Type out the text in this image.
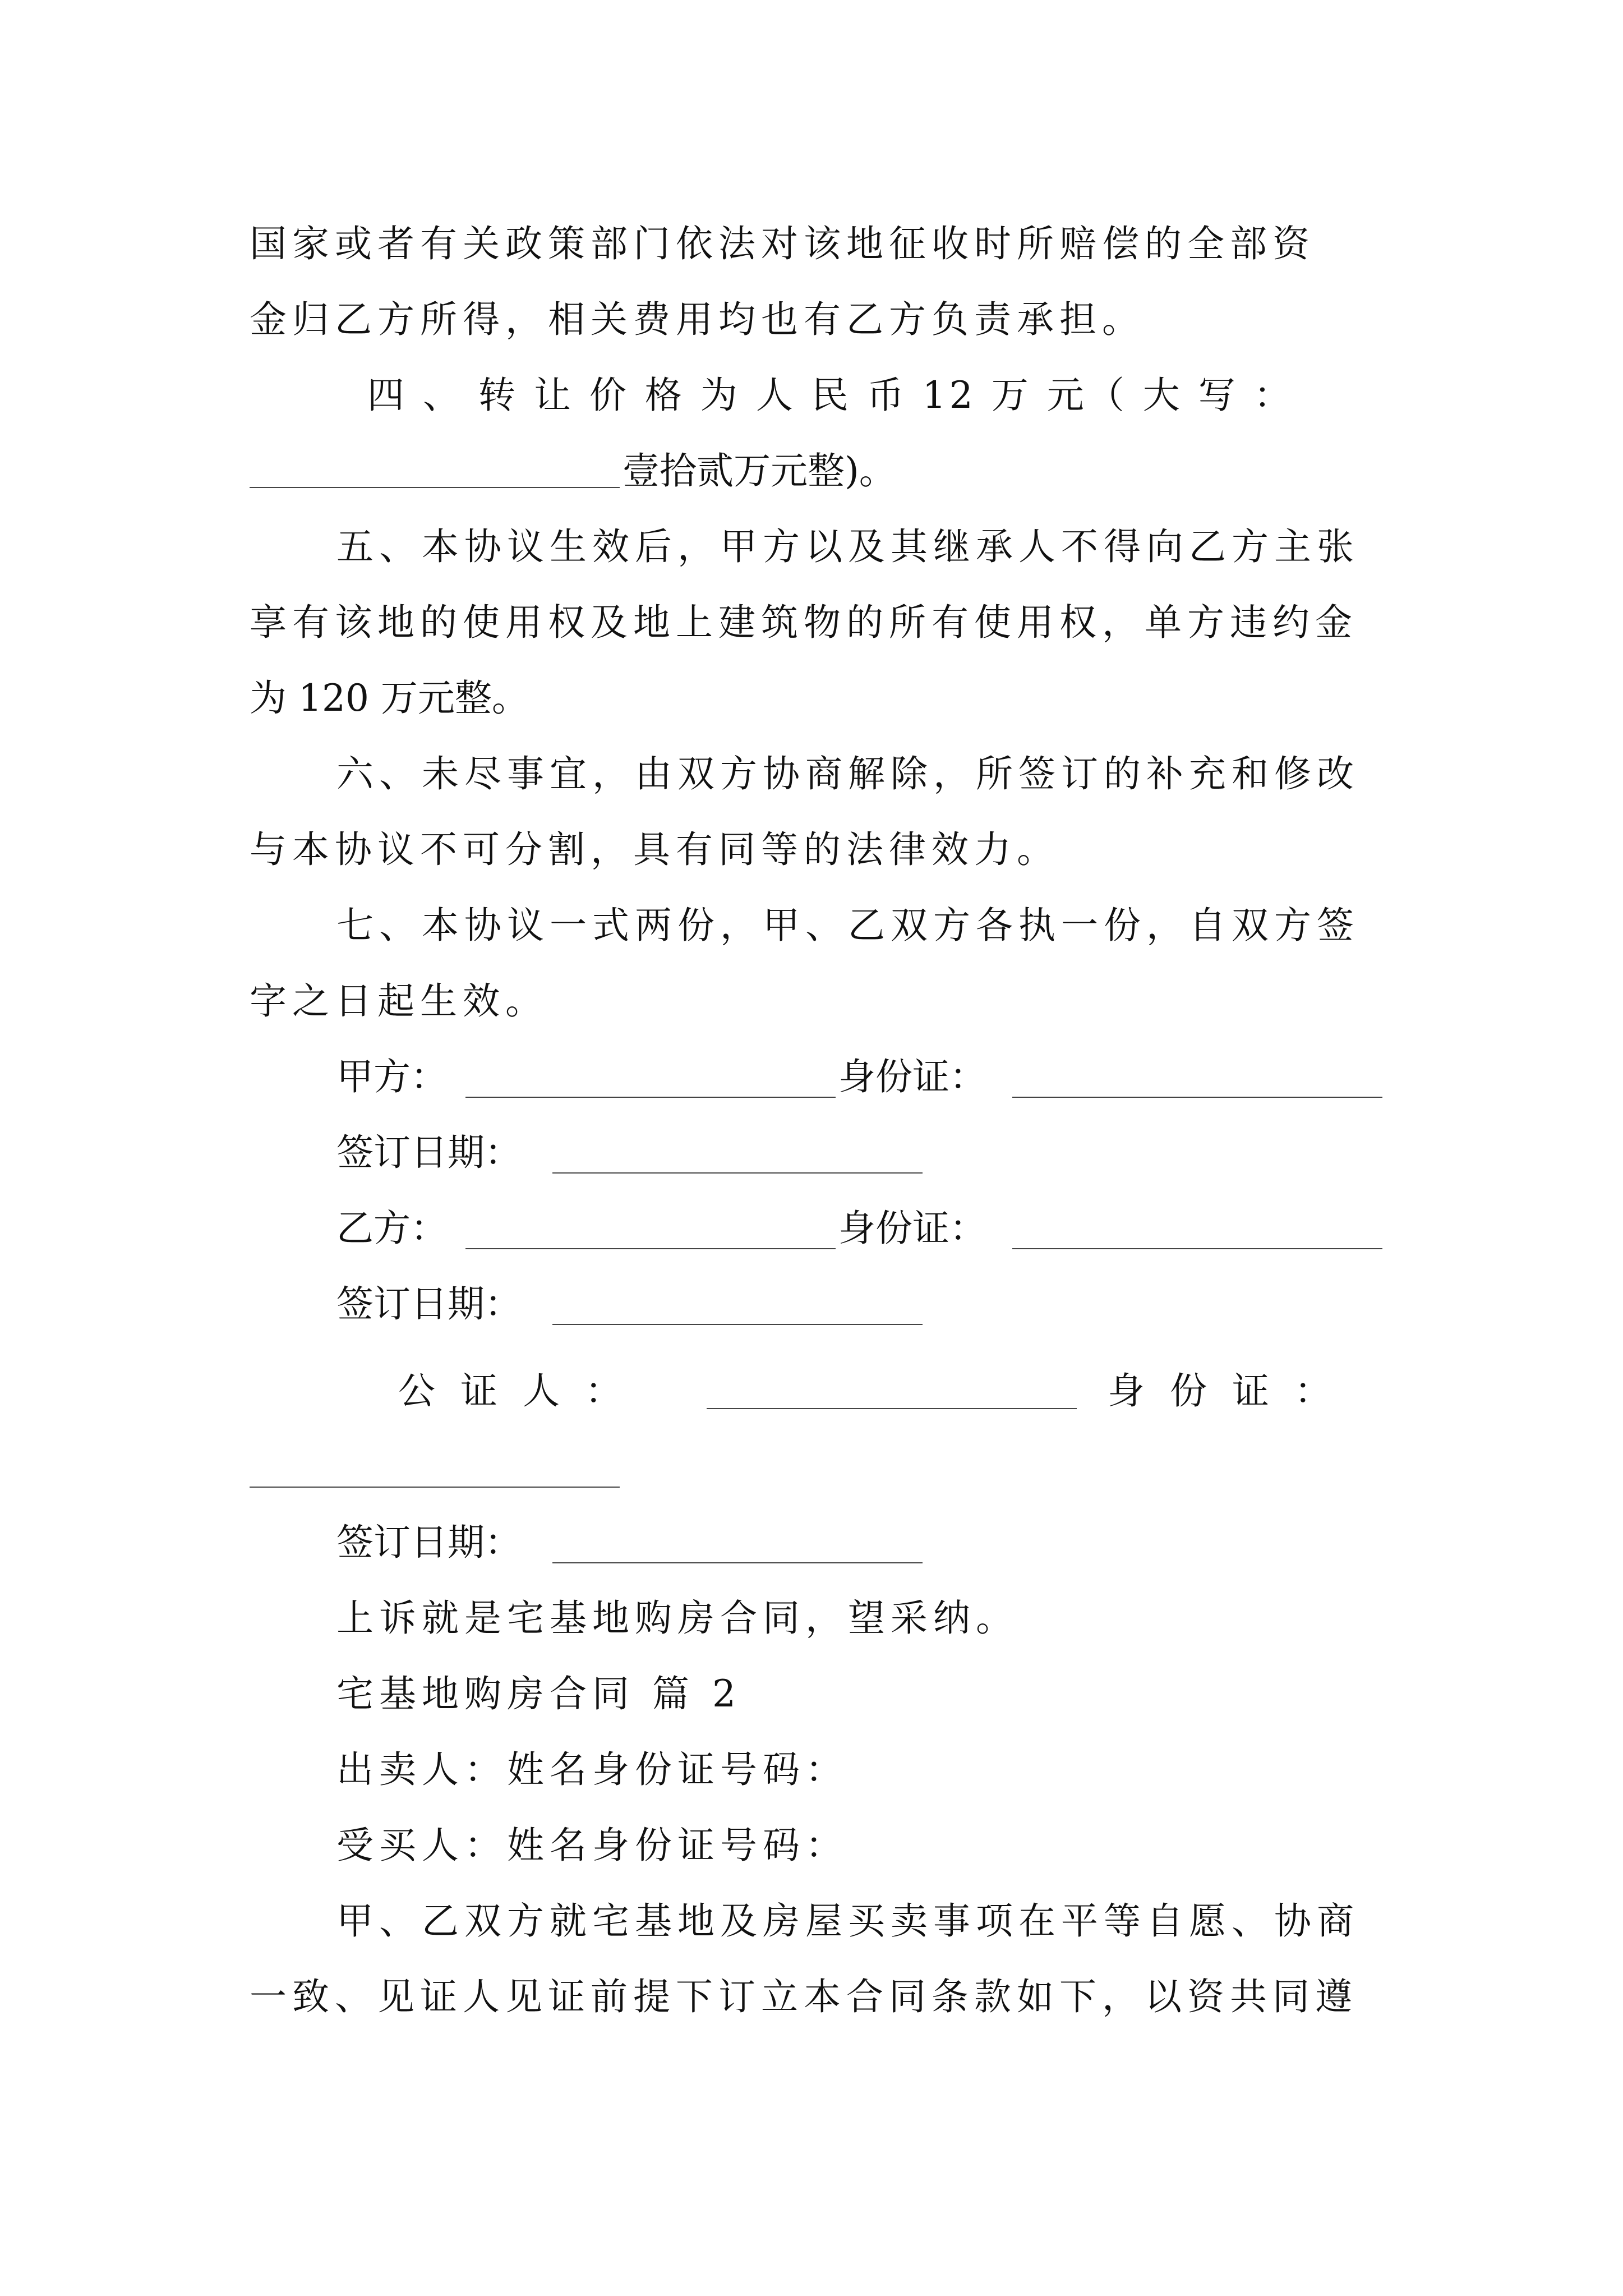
国家或者有关政策部门依法对该地征收时所赔偿的全部资
金归乙方所得，相关费用均也有乙方负责承担。
四 、 转 让 价 格 为 人 民 币 12 万 元（ 大 写 ：
壹拾贰万元整)。
五、本协议生效后，甲方以及其继承人不得向乙方主张
享有该地的使用权及地上建筑物的所有使用权，单方违约金
为 120 万元整。
六、未尽事宜，由双方协商解除，所签订的补充和修改
与本协议不可分割，具有同等的法律效力。
七、本协议一式两份，甲、乙双方各执一份，自双方签
字之日起生效。
甲方：	身份证：
签订日期：
乙方：	身份证：
签订日期：
公 证 人 ：	身 份 证 ：
签订日期：
上诉就是宅基地购房合同，望采纳。
宅基地购房合同 篇 2
出卖人：姓名身份证号码：
受买人：姓名身份证号码：
甲、乙双方就宅基地及房屋买卖事项在平等自愿、协商
一致、见证人见证前提下订立本合同条款如下，以资共同遵
